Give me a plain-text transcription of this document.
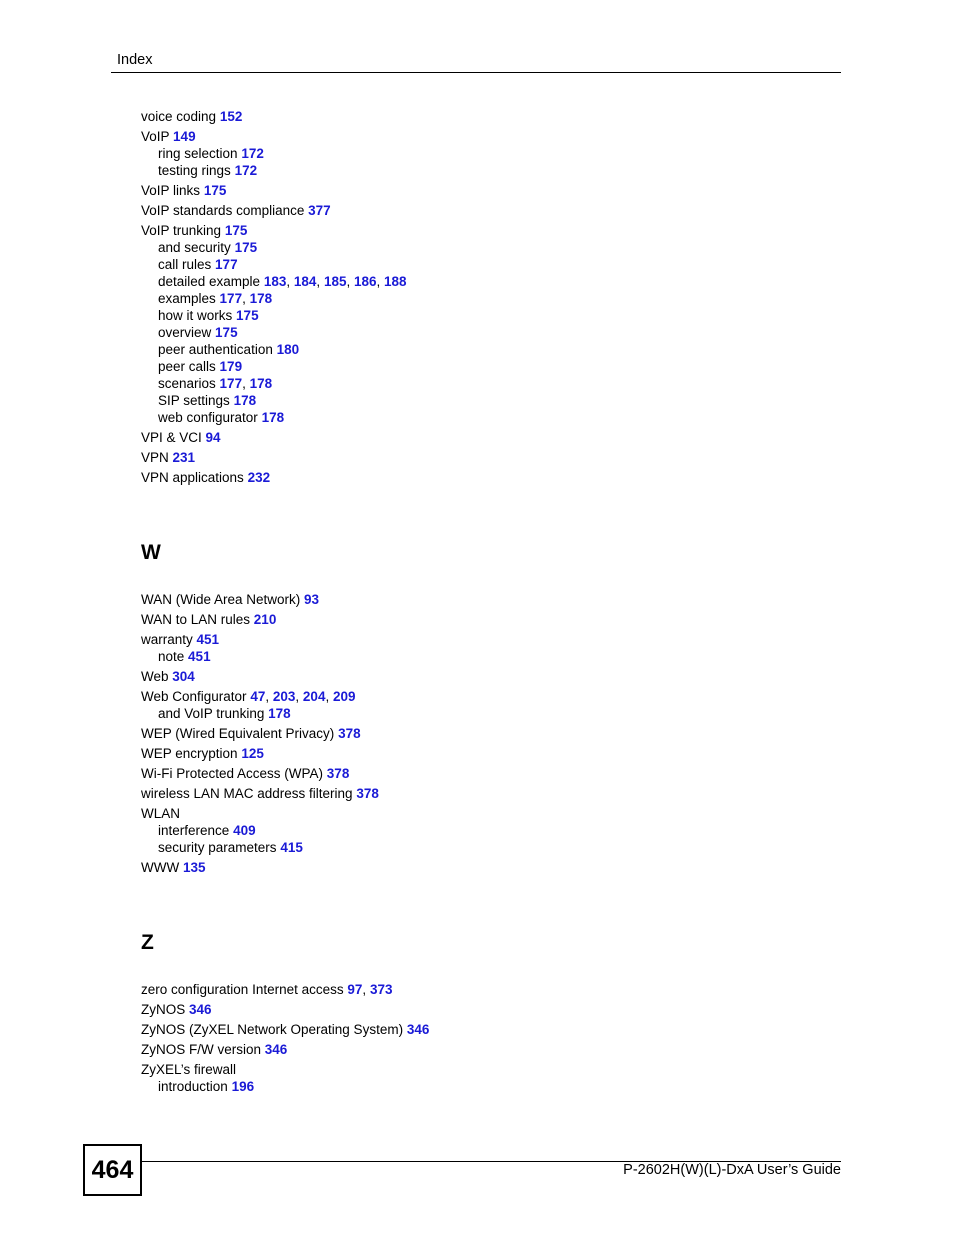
Index
voice coding 152
VoIP 149
ring selection 172
testing rings 172
VoIP links 175
VoIP standards compliance 377
VoIP trunking 175
and security 175
call rules 177
detailed example 183, 184, 185, 186, 188
examples 177, 178
how it works 175
overview 175
peer authentication 180
peer calls 179
scenarios 177, 178
SIP settings 178
web configurator 178
VPI & VCI 94
VPN 231
VPN applications 232
W
WAN (Wide Area Network) 93
WAN to LAN rules 210
warranty 451
note 451
Web 304
Web Configurator 47, 203, 204, 209
and VoIP trunking 178
WEP (Wired Equivalent Privacy) 378
WEP encryption 125
Wi-Fi Protected Access (WPA) 378
wireless LAN MAC address filtering 378
WLAN
interference 409
security parameters 415
WWW 135
Z
zero configuration Internet access 97, 373
ZyNOS 346
ZyNOS (ZyXEL Network Operating System) 346
ZyNOS F/W version 346
ZyXEL’s firewall
introduction 196
464	P-2602H(W)(L)-DxA User’s Guide
